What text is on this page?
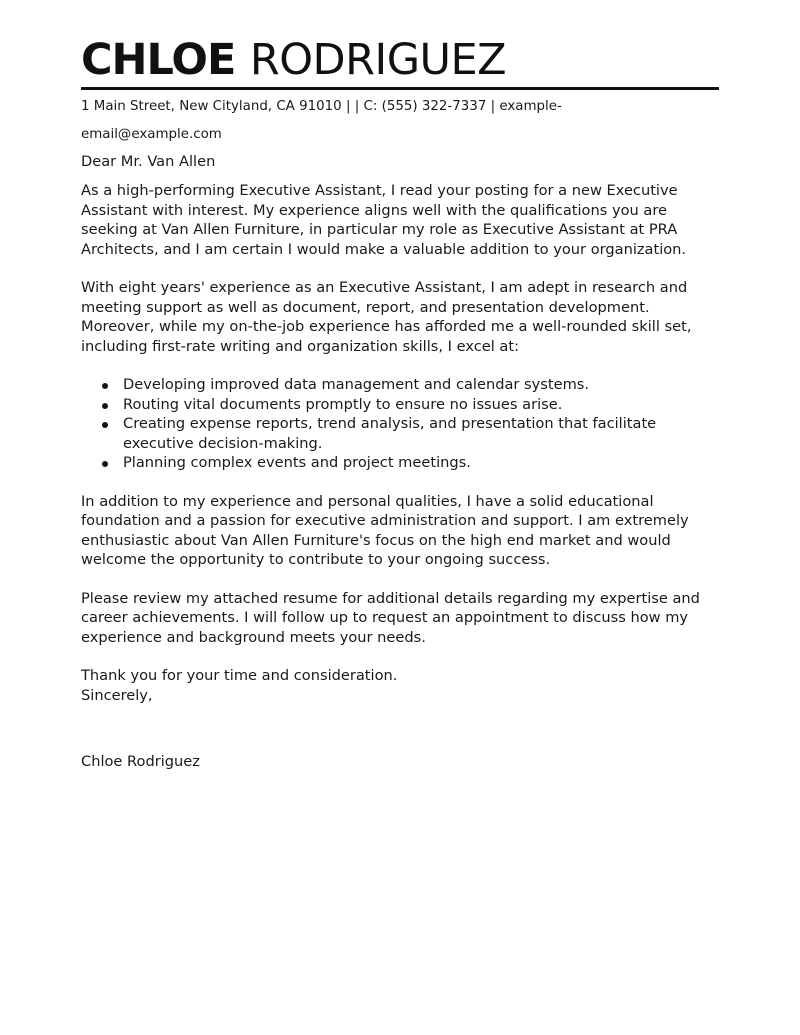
CHLOE RODRIGUEZ
1 Main Street, New Cityland, CA 91010 | | C: (555) 322-7337 | example-email@example.com
Dear Mr. Van Allen

As a high-performing Executive Assistant, I read your posting for a new Executive Assistant with interest. My experience aligns well with the qualifications you are seeking at Van Allen Furniture, in particular my role as Executive Assistant at PRA Architects, and I am certain I would make a valuable addition to your organization.

With eight years' experience as an Executive Assistant, I am adept in research and meeting support as well as document, report, and presentation development. Moreover, while my on-the-job experience has afforded me a well-rounded skill set, including first-rate writing and organization skills, I excel at:

Developing improved data management and calendar systems.
Routing vital documents promptly to ensure no issues arise.
Creating expense reports, trend analysis, and presentation that facilitate executive decision-making.
Planning complex events and project meetings.

In addition to my experience and personal qualities, I have a solid educational foundation and a passion for executive administration and support. I am extremely enthusiastic about Van Allen Furniture's focus on the high end market and would welcome the opportunity to contribute to your ongoing success.

Please review my attached resume for additional details regarding my expertise and career achievements. I will follow up to request an appointment to discuss how my experience and background meets your needs.

Thank you for your time and consideration.

Sincerely,
Chloe Rodriguez
